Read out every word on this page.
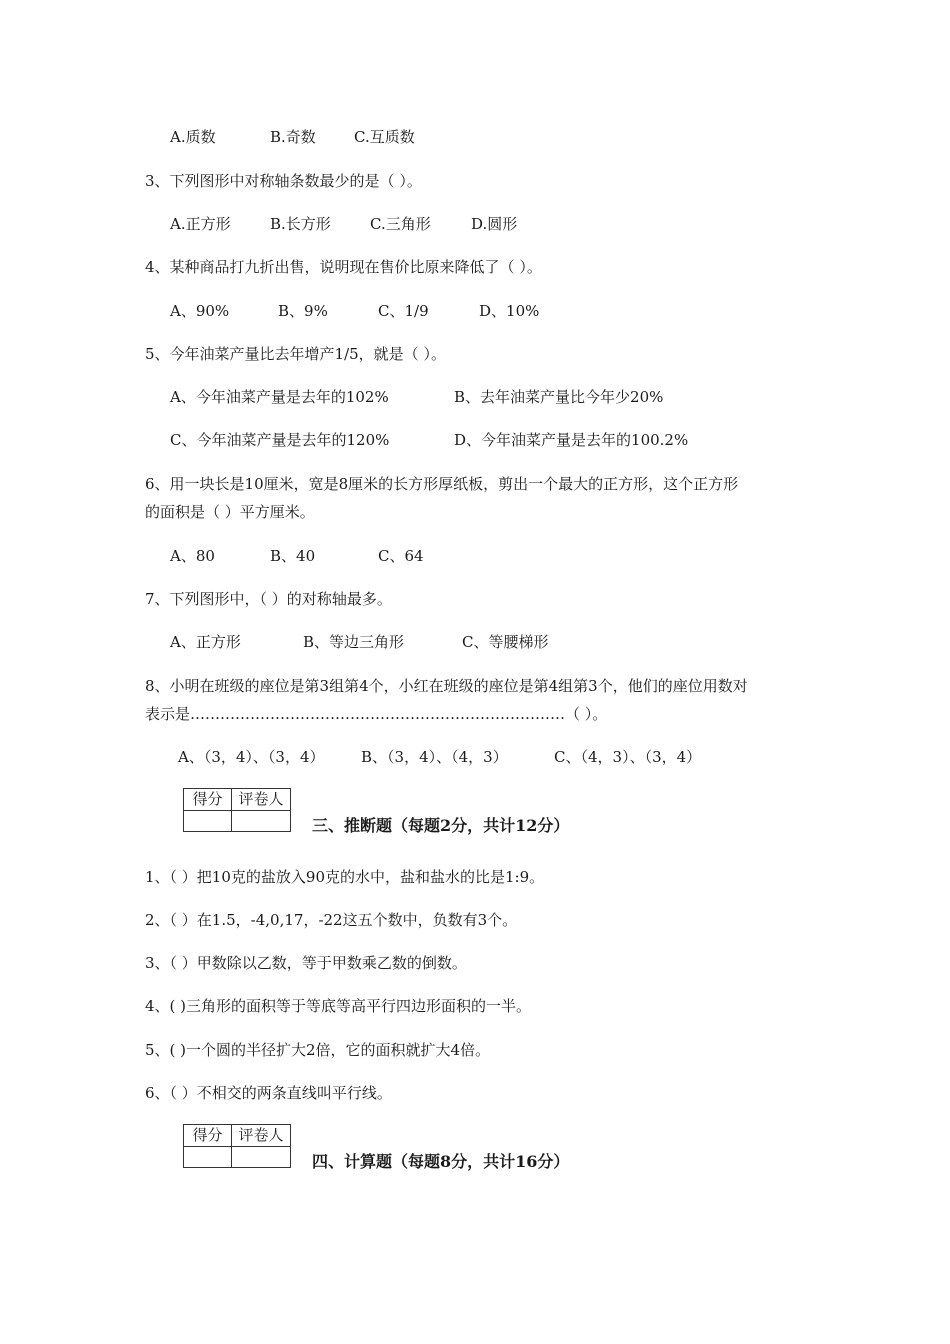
A.质数	B.奇数	C.互质数
3、下列图形中对称轴条数最少的是（ ）。
A.正方形	B.长方形	C.三角形	D.圆形
4、某种商品打九折出售，说明现在售价比原来降低了（ ）。
A、90%	B、9%	C、1/9	D、10%
5、今年油菜产量比去年增产1/5，就是（ ）。
A、今年油菜产量是去年的102%	B、去年油菜产量比今年少20%
C、今年油菜产量是去年的120%	D、今年油菜产量是去年的100.2%
6、用一块长是10厘米，宽是8厘米的长方形厚纸板，剪出一个最大的正方形，这个正方形
的面积是（ ）平方厘米。
A、80	B、40	C、64
7、下列图形中，（ ）的对称轴最多。
A、正方形	B、等边三角形	C、等腰梯形
8、小明在班级的座位是第3组第4个，小红在班级的座位是第4组第3个，他们的座位用数对
表示是…………………………………………………………………（ ）。
A、（3，4）、（3，4） B、（3，4）、（4，3）	C、（4，3）、（3，4）
得分	评卷人
三、推断题（每题2分，共计12分）
1、（ ）把10克的盐放入90克的水中，盐和盐水的比是1:9。
2、（ ）在1.5，-4,0,17，-22这五个数中，负数有3个。
3、（ ）甲数除以乙数，等于甲数乘乙数的倒数。
4、( )三角形的面积等于等底等高平行四边形面积的一半。
5、( )一个圆的半径扩大2倍，它的面积就扩大4倍。
6、（ ）不相交的两条直线叫平行线。
得分	评卷人
四、计算题（每题8分，共计16分）
